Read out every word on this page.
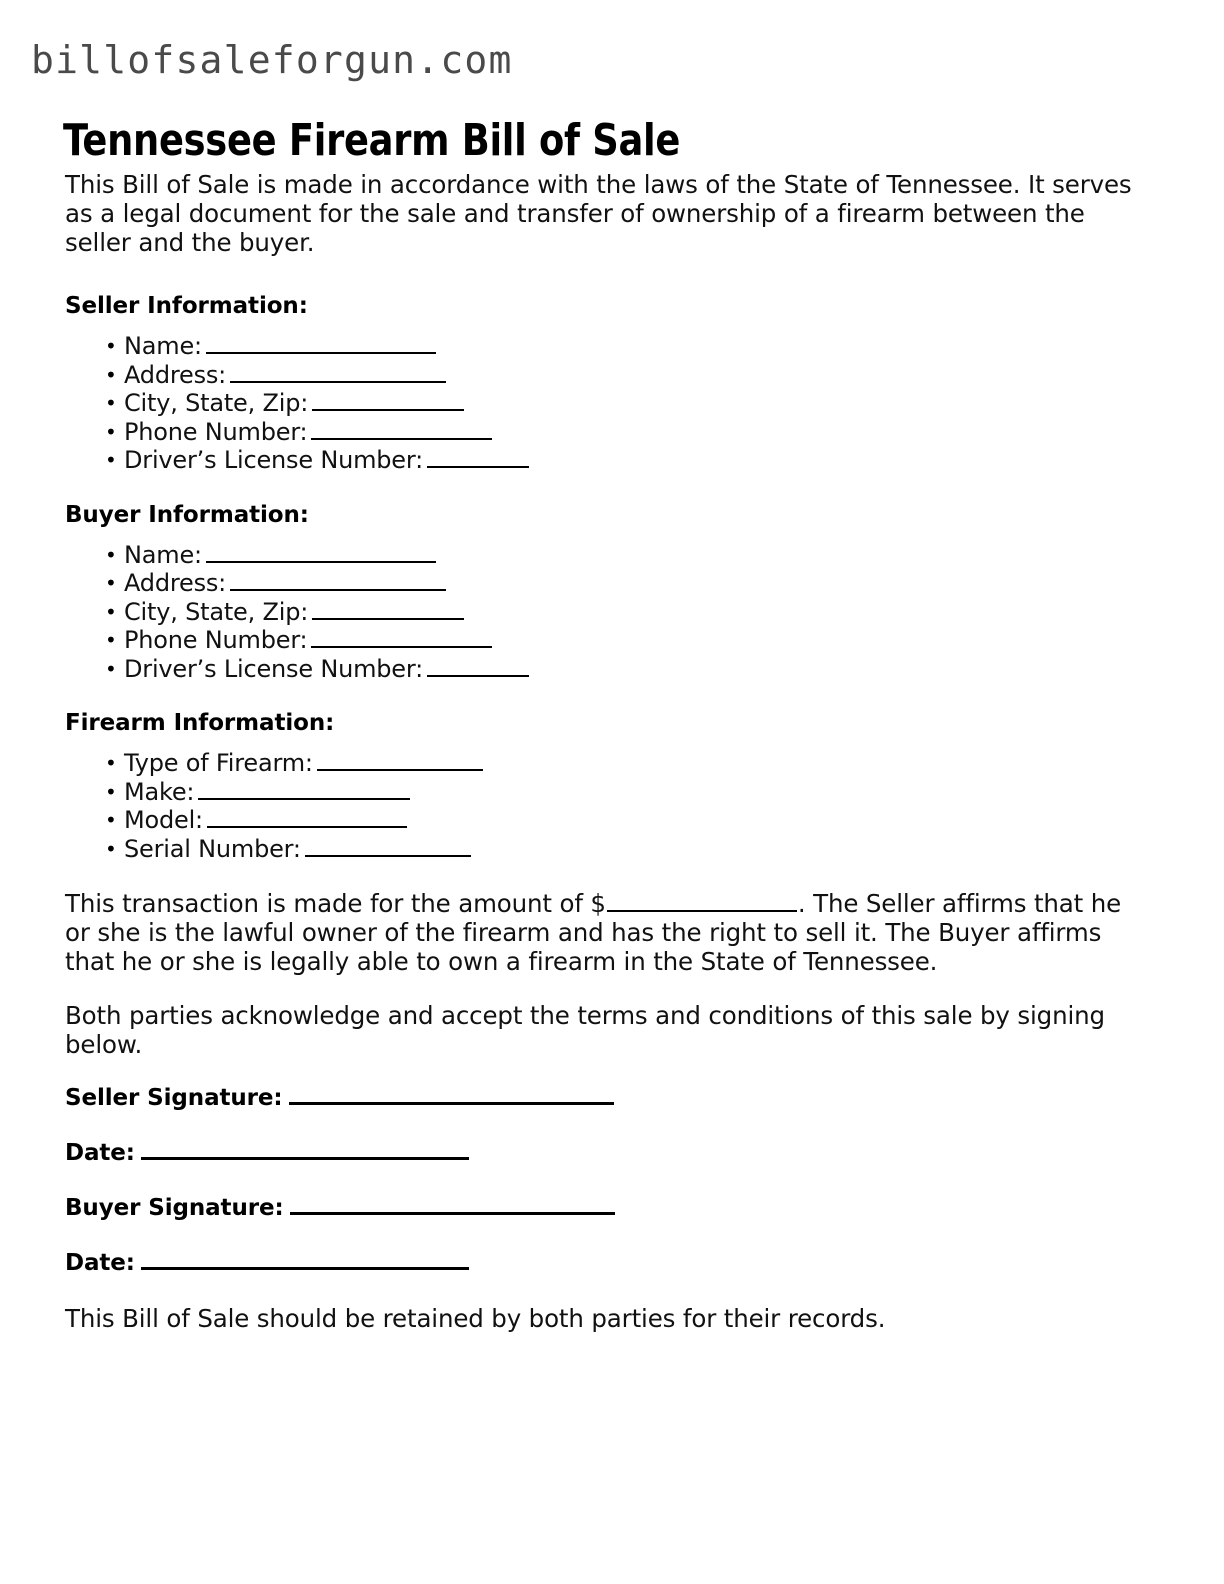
billofsaleforgun.com
Tennessee Firearm Bill of Sale

This Bill of Sale is made in accordance with the laws of the State of Tennessee. It serves as a legal document for the sale and transfer of ownership of a firearm between the seller and the buyer.

Seller Information:
• Name:
• Address:
• City, State, Zip:
• Phone Number:
• Driver’s License Number:
Buyer Information:
• Name:
• Address:
• City, State, Zip:
• Phone Number:
• Driver’s License Number:
Firearm Information:
• Type of Firearm:
• Make:
• Model:
• Serial Number:

This transaction is made for the amount of $	. The Seller affirms that he or she is the lawful owner of the firearm and has the right to sell it. The Buyer affirms that he or she is legally able to own a firearm in the State of Tennessee.

Both parties acknowledge and accept the terms and conditions of this sale by signing below.

Seller Signature:
Date:
Buyer Signature:
Date:

This Bill of Sale should be retained by both parties for their records.
